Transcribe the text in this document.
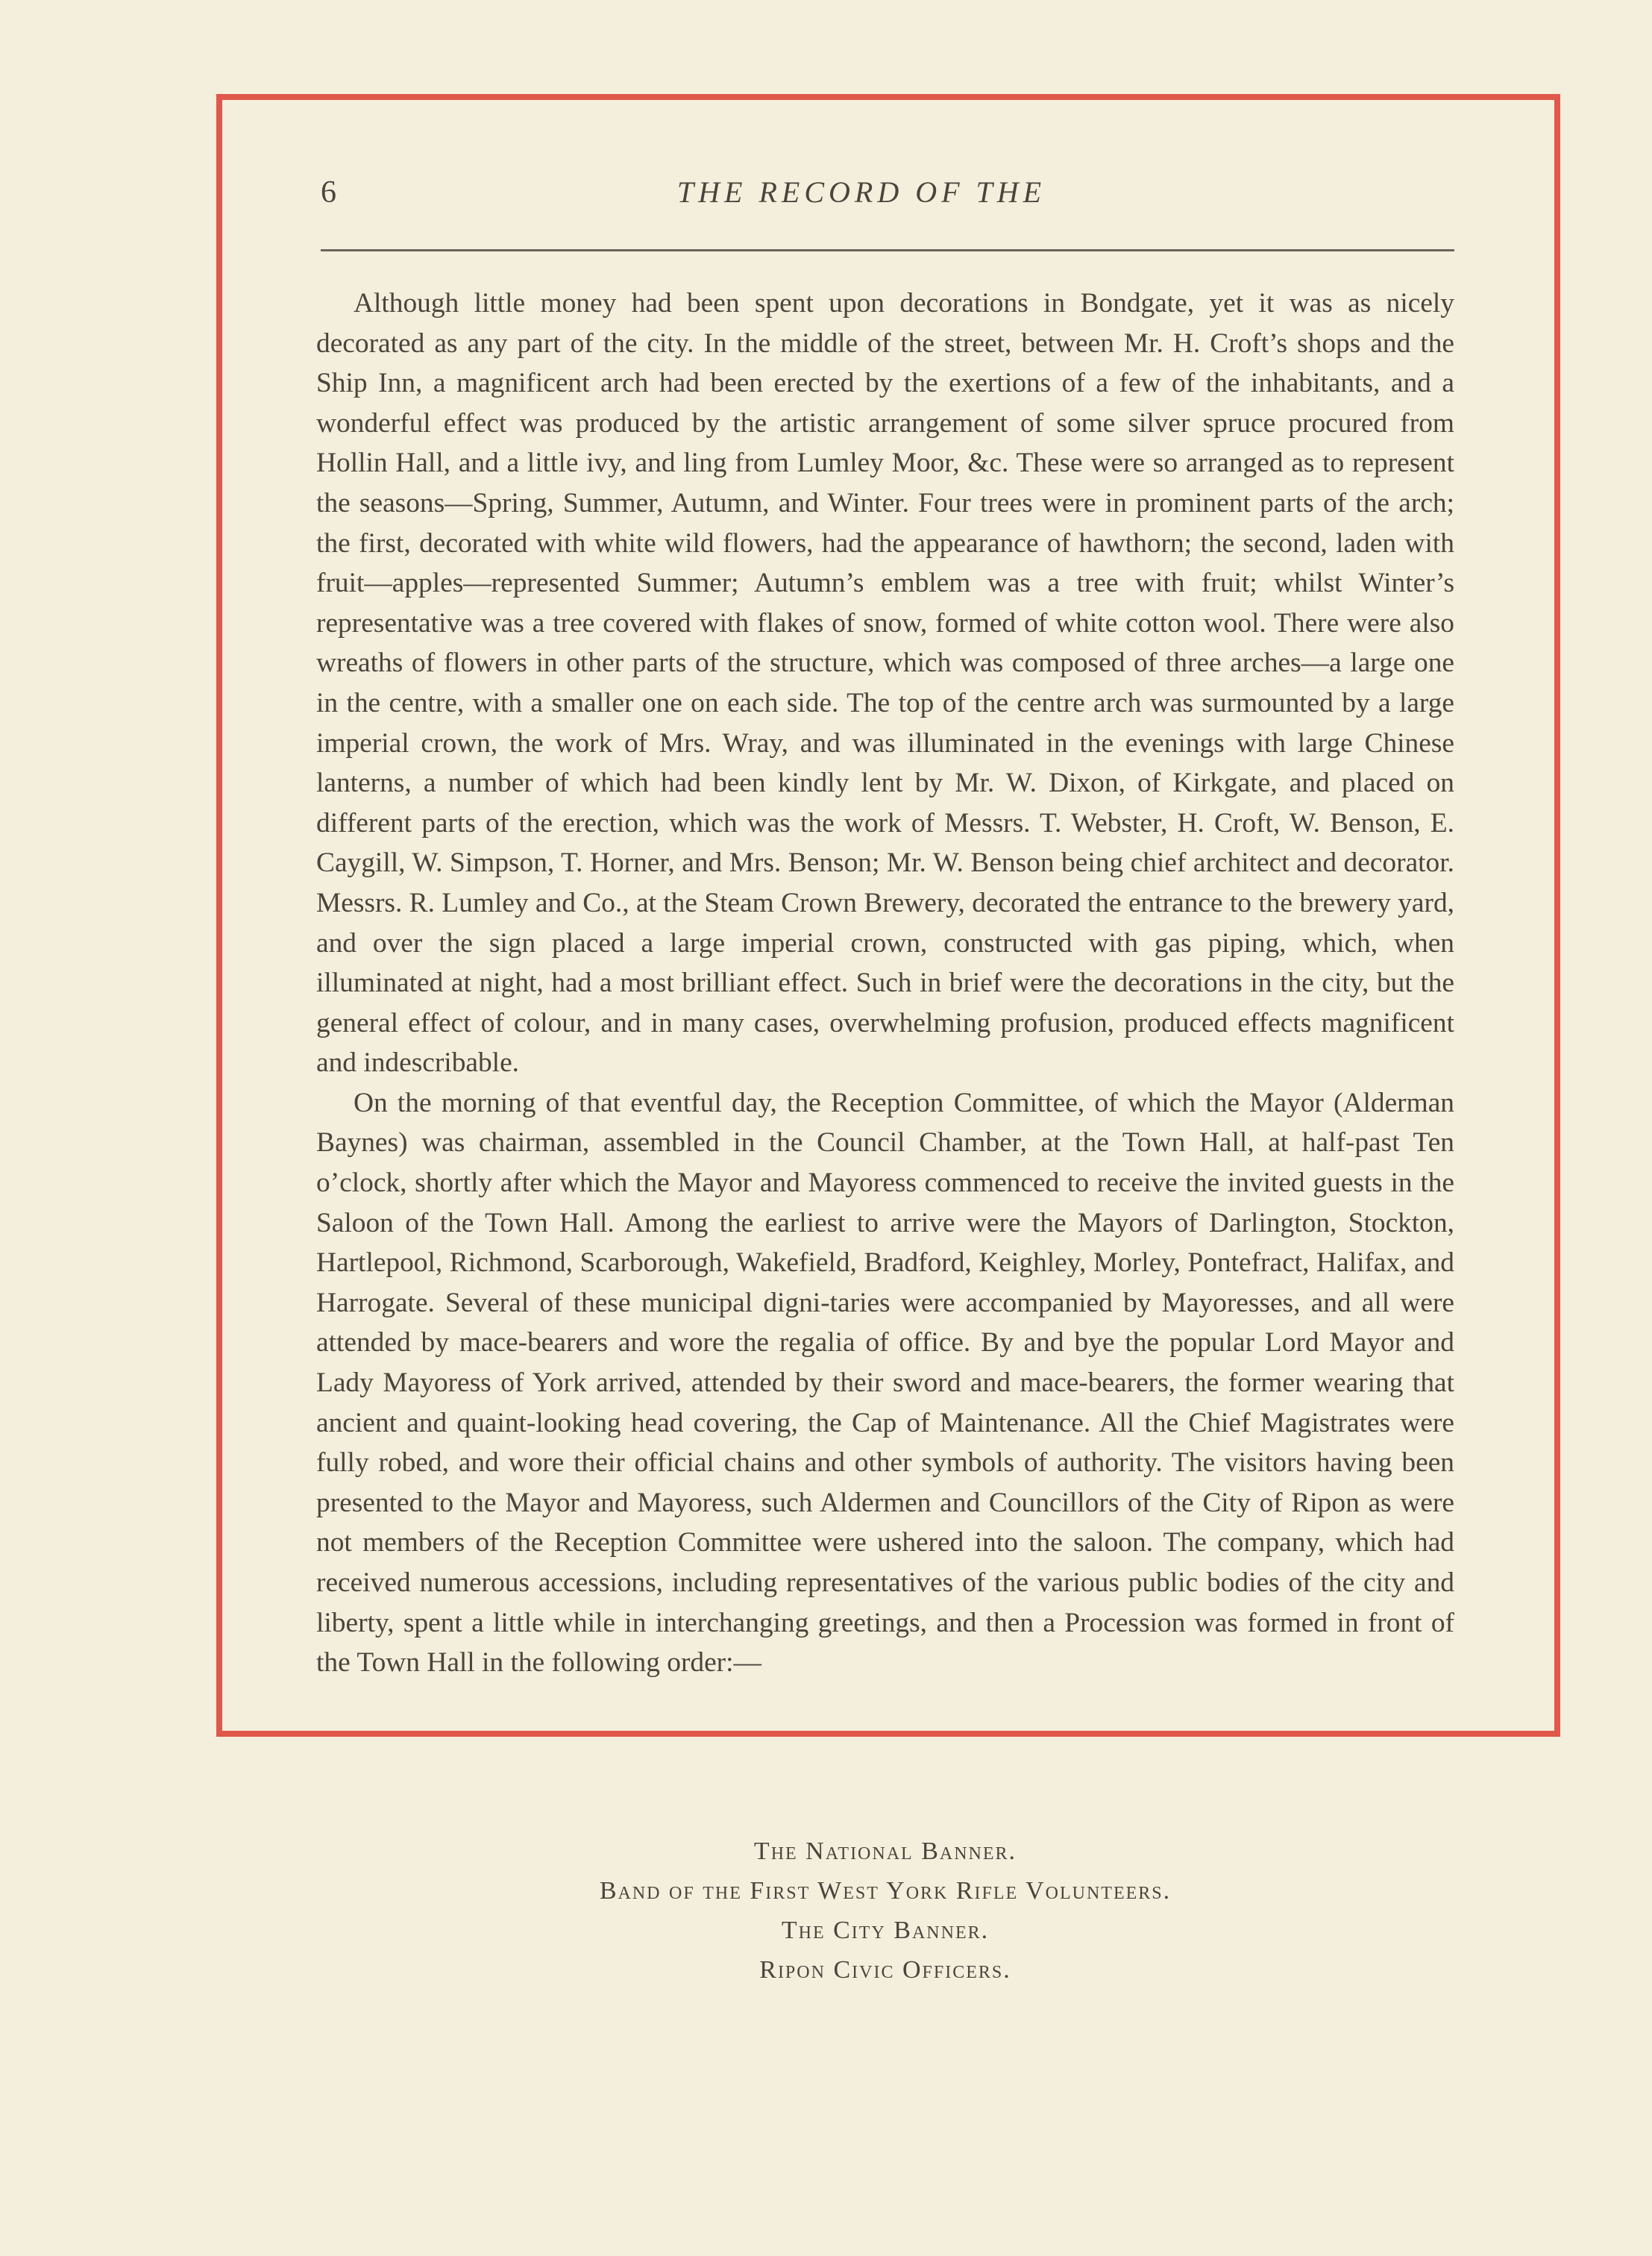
6	THE RECORD OF THE

Although little money had been spent upon decorations in Bondgate, yet it was as nicely decorated as any part of the city. In the middle of the street, between Mr. H. Croft’s shops and the Ship Inn, a magnificent arch had been erected by the exertions of a few of the inhabitants, and a wonderful effect was produced by the artistic arrangement of some silver spruce procured from Hollin Hall, and a little ivy, and ling from Lumley Moor, &c. These were so arranged as to represent the seasons—Spring, Summer, Autumn, and Winter. Four trees were in prominent parts of the arch; the first, decorated with white wild flowers, had the appearance of hawthorn; the second, laden with fruit—apples—represented Summer; Autumn’s emblem was a tree with fruit; whilst Winter’s representative was a tree covered with flakes of snow, formed of white cotton wool. There were also wreaths of flowers in other parts of the structure, which was composed of three arches—a large one in the centre, with a smaller one on each side. The top of the centre arch was surmounted by a large imperial crown, the work of Mrs. Wray, and was illuminated in the evenings with large Chinese lanterns, a number of which had been kindly lent by Mr. W. Dixon, of Kirkgate, and placed on different parts of the erection, which was the work of Messrs. T. Webster, H. Croft, W. Benson, E. Caygill, W. Simpson, T. Horner, and Mrs. Benson; Mr. W. Benson being chief architect and decorator. Messrs. R. Lumley and Co., at the Steam Crown Brewery, decorated the entrance to the brewery yard, and over the sign placed a large imperial crown, constructed with gas piping, which, when illuminated at night, had a most brilliant effect. Such in brief were the decorations in the city, but the general effect of colour, and in many cases, overwhelming profusion, produced effects magnificent and indescribable.

On the morning of that eventful day, the Reception Committee, of which the Mayor (Alderman Baynes) was chairman, assembled in the Council Chamber, at the Town Hall, at half-past Ten o’clock, shortly after which the Mayor and Mayoress commenced to receive the invited guests in the Saloon of the Town Hall. Among the earliest to arrive were the Mayors of Darlington, Stockton, Hartlepool, Richmond, Scarborough, Wakefield, Bradford, Keighley, Morley, Pontefract, Halifax, and Harrogate. Several of these municipal digni-taries were accompanied by Mayoresses, and all were attended by mace-bearers and wore the regalia of office. By and bye the popular Lord Mayor and Lady Mayoress of York arrived, attended by their sword and mace-bearers, the former wearing that ancient and quaint-looking head covering, the Cap of Maintenance. All the Chief Magistrates were fully robed, and wore their official chains and other symbols of authority. The visitors having been presented to the Mayor and Mayoress, such Aldermen and Councillors of the City of Ripon as were not members of the Reception Committee were ushered into the saloon. The company, which had received numerous accessions, including representatives of the various public bodies of the city and liberty, spent a little while in interchanging greetings, and then a Procession was formed in front of the Town Hall in the following order:—

The National Banner.
Band of the First West York Rifle Volunteers.
The City Banner.
Ripon Civic Officers.
